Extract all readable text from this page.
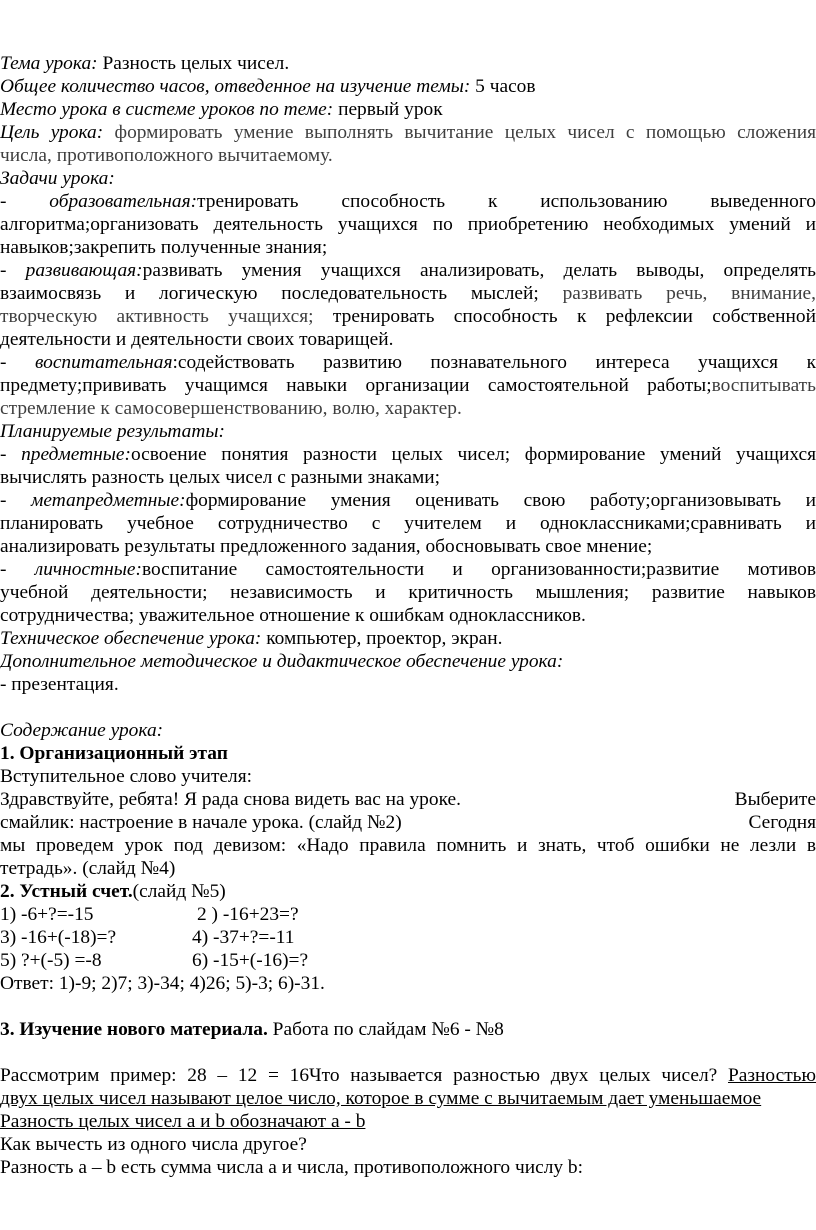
Тема урока: Разность целых чисел.
Общее количество часов, отведенное на изучение темы: 5 часов
Место урока в системе уроков по теме: первый урок
Цель урока: формировать умение выполнять вычитание целых чисел с помощью сложения
числа, противоположного вычитаемому.
Задачи урока:
- образовательная:тренировать способность к использованию выведенного
алгоритма;организовать деятельность учащихся по приобретению необходимых умений и
навыков;закрепить полученные знания;
- развивающая:развивать умения учащихся анализировать, делать выводы, определять
взаимосвязь и логическую последовательность мыслей; развивать речь, внимание,
творческую активность учащихся; тренировать способность к рефлексии собственной
деятельности и деятельности своих товарищей.
- воспитательная:содействовать развитию познавательного интереса учащихся к
предмету;прививать учащимся навыки организации самостоятельной работы;воспитывать
стремление к самосовершенствованию, волю, характер.
Планируемые результаты:
- предметные:освоение понятия разности целых чисел; формирование умений учащихся
вычислять разность целых чисел с разными знаками;
- метапредметные:формирование умения оценивать свою работу;организовывать и
планировать учебное сотрудничество с учителем и одноклассниками;сравнивать и
анализировать результаты предложенного задания, обосновывать свое мнение;
- личностные:воспитание самостоятельности и организованности;развитие мотивов
учебной деятельности; независимость и критичность мышления; развитие навыков
сотрудничества; уважительное отношение к ошибкам одноклассников.
Техническое обеспечение урока: компьютер, проектор, экран.
Дополнительное методическое и дидактическое обеспечение урока:
- презентация.
Содержание урока:
1. Организационный этап
Вступительное слово учителя:
Здравствуйте, ребята! Я рада снова видеть вас на уроке.	Выберите
смайлик: настроение в начале урока. (слайд №2)	Сегодня
мы проведем урок под девизом: «Надо правила помнить и знать, чтоб ошибки не лезли в
тетрадь». (слайд №4)
2. Устный счет.(слайд №5)
1) -6+?=-15	2 ) -16+23=?
3) -16+(-18)=?	4) -37+?=-11
5) ?+(-5) =-8	6) -15+(-16)=?
Ответ: 1)-9; 2)7; 3)-34; 4)26; 5)-3; 6)-31.
3. Изучение нового материала. Работа по слайдам №6 - №8
Рассмотрим пример: 28 – 12 = 16Что называется разностью двух целых чисел? Разностью
двух целых чисел называют целое число, которое в сумме с вычитаемым дает уменьшаемое
Разность целых чисел a и b обозначают a - b
Как вычесть из одного числа другое?
Разность a – b есть сумма числа a и числа, противоположного числу b:
